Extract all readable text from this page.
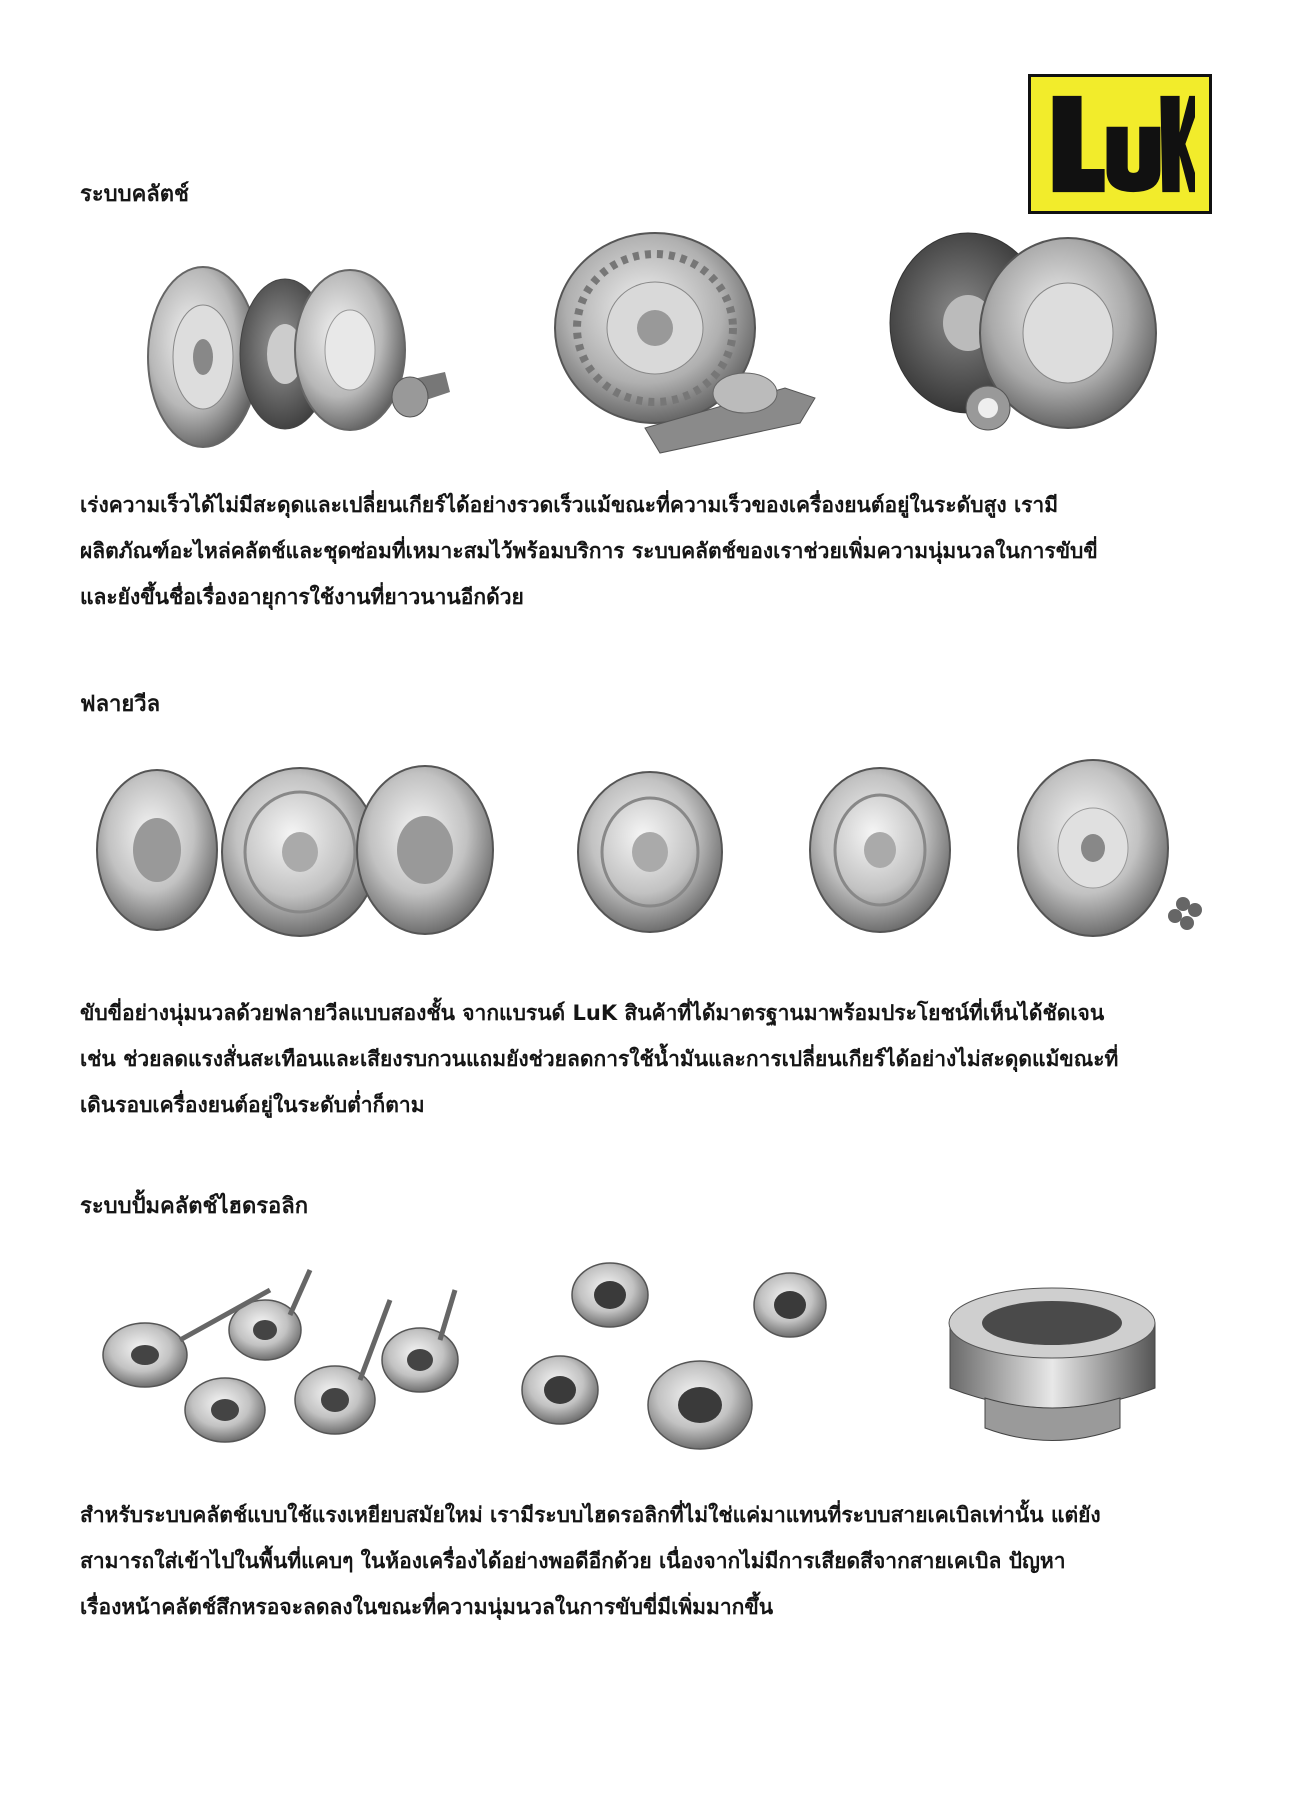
ระบบคลัตช์
เร่งความเร็วได้ไม่มีสะดุดและเปลี่ยนเกียร์ได้อย่างรวดเร็วแม้ขณะที่ความเร็วของเครื่องยนต์อยู่ในระดับสูง เรามี
ผลิตภัณฑ์อะไหล่คลัตช์และชุดซ่อมที่เหมาะสมไว้พร้อมบริการ ระบบคลัตช์ของเราช่วยเพิ่มความนุ่มนวลในการขับขี่
และยังขึ้นชื่อเรื่องอายุการใช้งานที่ยาวนานอีกด้วย
ฟลายวีล
ขับขี่อย่างนุ่มนวลด้วยฟลายวีลแบบสองชั้น จากแบรนด์ LuK สินค้าที่ได้มาตรฐานมาพร้อมประโยชน์ที่เห็นได้ชัดเจน
เช่น ช่วยลดแรงสั่นสะเทือนและเสียงรบกวนแถมยังช่วยลดการใช้น้ำมันและการเปลี่ยนเกียร์ได้อย่างไม่สะดุดแม้ขณะที่
เดินรอบเครื่องยนต์อยู่ในระดับต่ำก็ตาม
ระบบปั้มคลัตช์ไฮดรอลิก
สำหรับระบบคลัตช์แบบใช้แรงเหยียบสมัยใหม่ เรามีระบบไฮดรอลิกที่ไม่ใช่แค่มาแทนที่ระบบสายเคเบิลเท่านั้น แต่ยัง
สามารถใส่เข้าไปในพื้นที่แคบๆ ในห้องเครื่องได้อย่างพอดีอีกด้วย เนื่องจากไม่มีการเสียดสีจากสายเคเบิล ปัญหา
เรื่องหน้าคลัตช์สึกหรอจะลดลงในขณะที่ความนุ่มนวลในการขับขี่มีเพิ่มมากขึ้น
